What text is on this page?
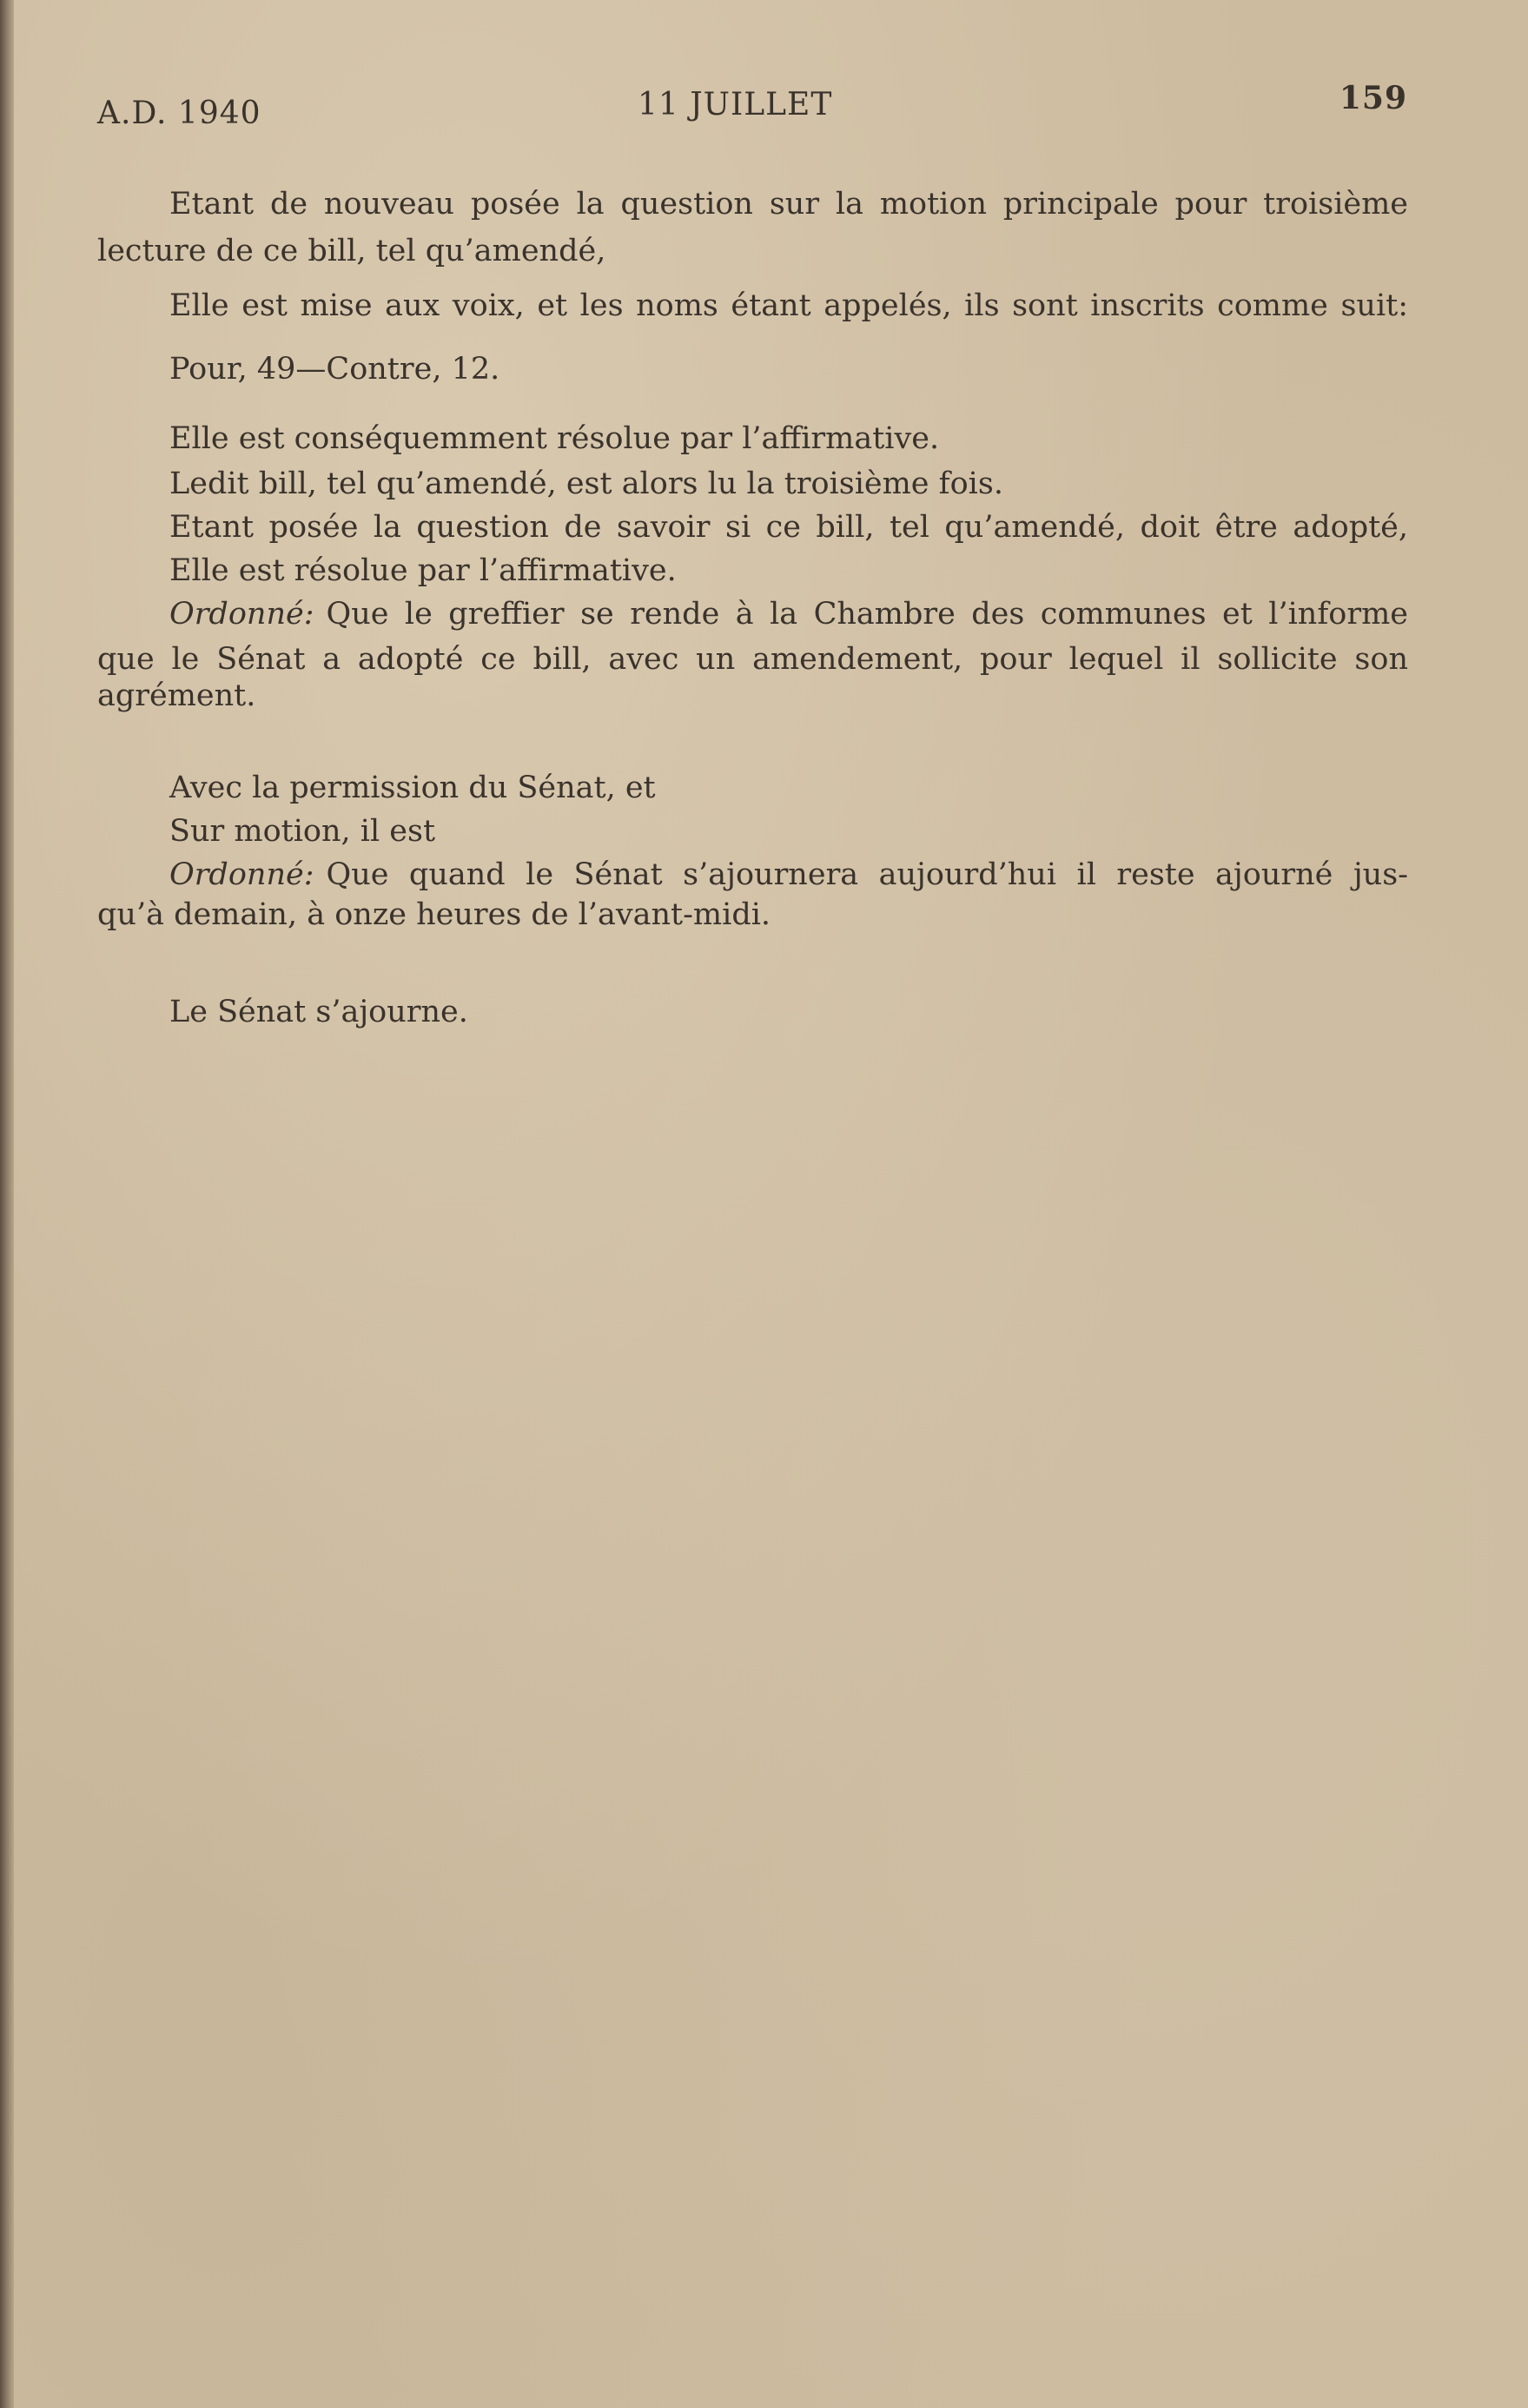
A.D. 1940	11 JUILLET	159
Etant de nouveau posée la question sur la motion principale pour troisième
lecture de ce bill, tel qu’amendé,
Elle est mise aux voix, et les noms étant appelés, ils sont inscrits comme suit:
Pour, 49—Contre, 12.
Elle est conséquemment résolue par l’affirmative.
Ledit bill, tel qu’amendé, est alors lu la troisième fois.
Etant posée la question de savoir si ce bill, tel qu’amendé, doit être adopté,
Elle est résolue par l’affirmative.
Ordonné: Que le greffier se rende à la Chambre des communes et l’informe
que le Sénat a adopté ce bill, avec un amendement, pour lequel il sollicite son
agrément.
Avec la permission du Sénat, et
Sur motion, il est
Ordonné: Que quand le Sénat s’ajournera aujourd’hui il reste ajourné jus-
qu’à demain, à onze heures de l’avant-midi.
Le Sénat s’ajourne.
